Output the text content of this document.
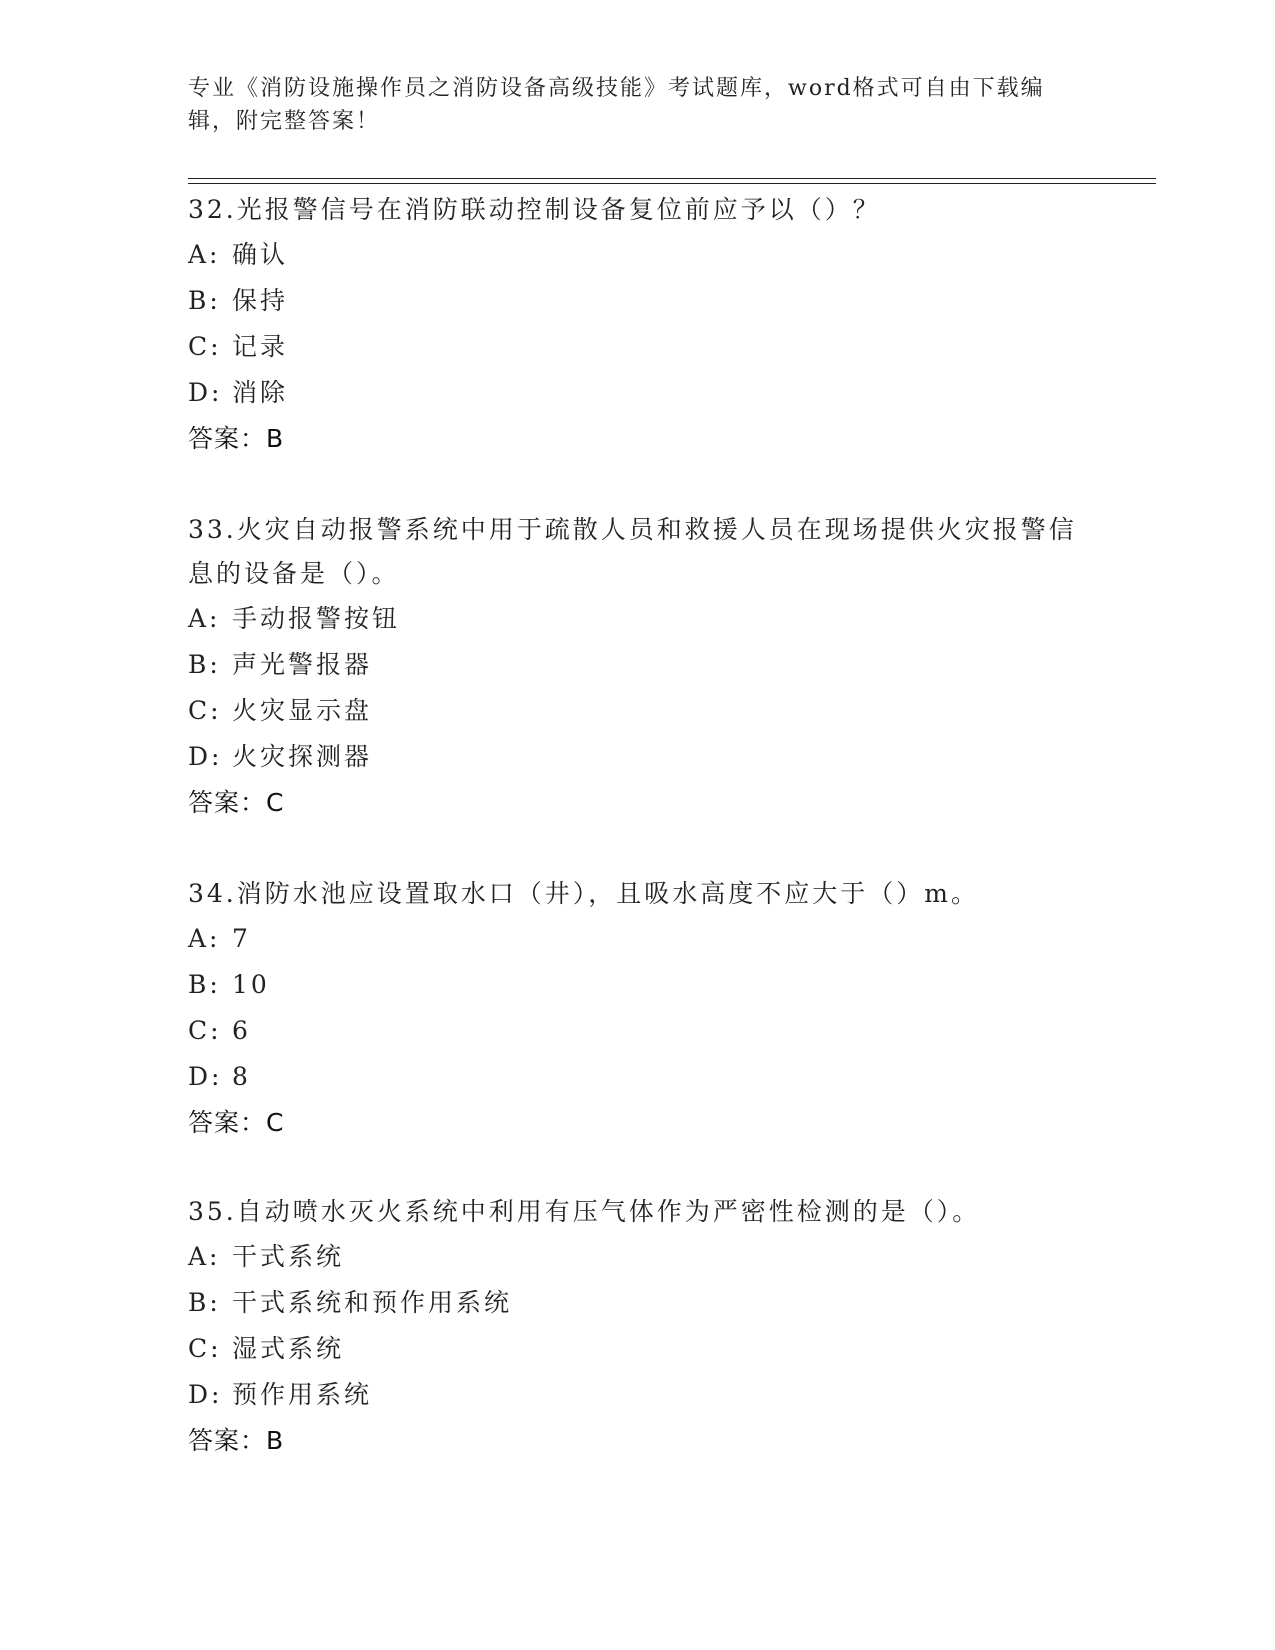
专业《消防设施操作员之消防设备高级技能》考试题库，word格式可自由下载编辑，附完整答案！

32.光报警信号在消防联动控制设备复位前应予以（）？

A: 确认
B: 保持
C: 记录
D: 消除
答案：B

33.火灾自动报警系统中用于疏散人员和救援人员在现场提供火灾报警信息的设备是（）。

A: 手动报警按钮
B: 声光警报器
C: 火灾显示盘
D: 火灾探测器
答案：C

34.消防水池应设置取水口（井），且吸水高度不应大于（）m。

A: 7
B: 10
C: 6
D: 8
答案：C

35.自动喷水灭火系统中利用有压气体作为严密性检测的是（）。

A: 干式系统
B: 干式系统和预作用系统
C: 湿式系统
D: 预作用系统
答案：B
